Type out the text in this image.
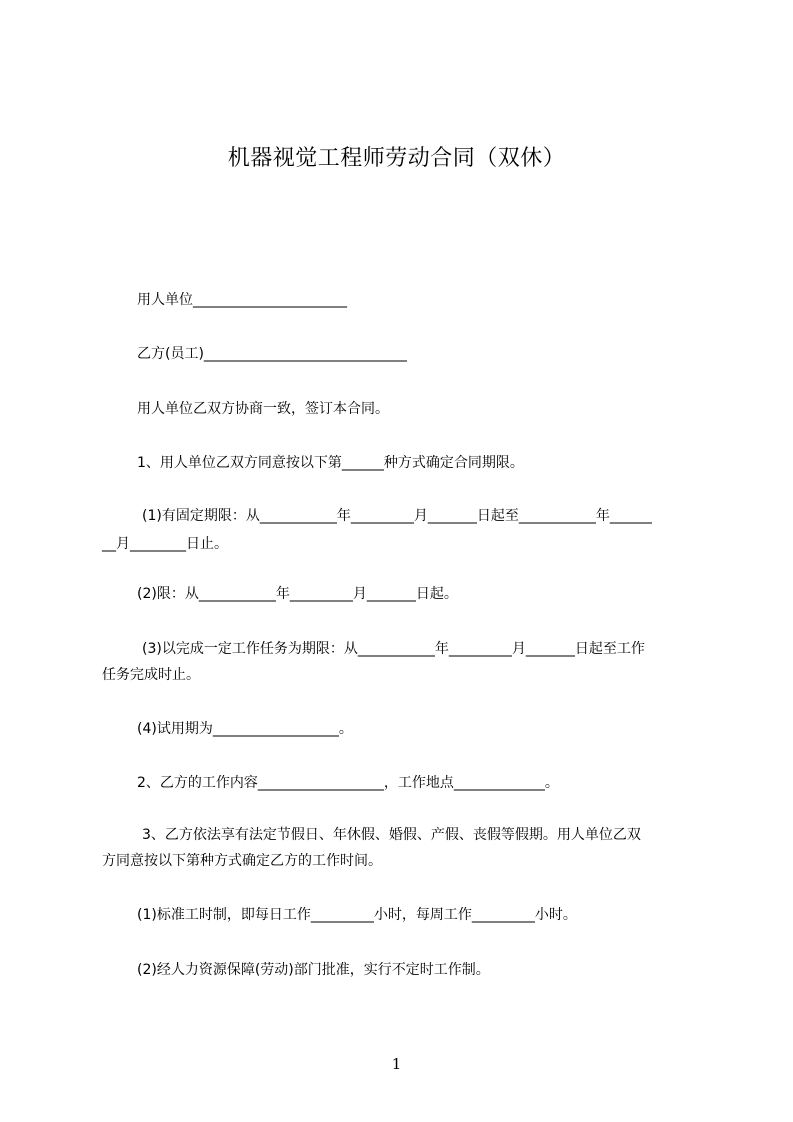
机器视觉工程师劳动合同（双休）
用人单位______________________
乙方(员工)_____________________________
用人单位乙双方协商一致，签订本合同。
1、用人单位乙双方同意按以下第______种方式确定合同期限。
(1)有固定期限：从___________年_________月_______日起至___________年______
__月________日止。
(2)限：从___________年_________月_______日起。
(3)以完成一定工作任务为期限：从___________年_________月_______日起至工作
任务完成时止。
(4)试用期为__________________。
2、乙方的工作内容__________________，工作地点_____________。
3、乙方依法享有法定节假日、年休假、婚假、产假、丧假等假期。用人单位乙双
方同意按以下第种方式确定乙方的工作时间。
(1)标准工时制，即每日工作_________小时，每周工作_________小时。
(2)经人力资源保障(劳动)部门批准，实行不定时工作制。
1
